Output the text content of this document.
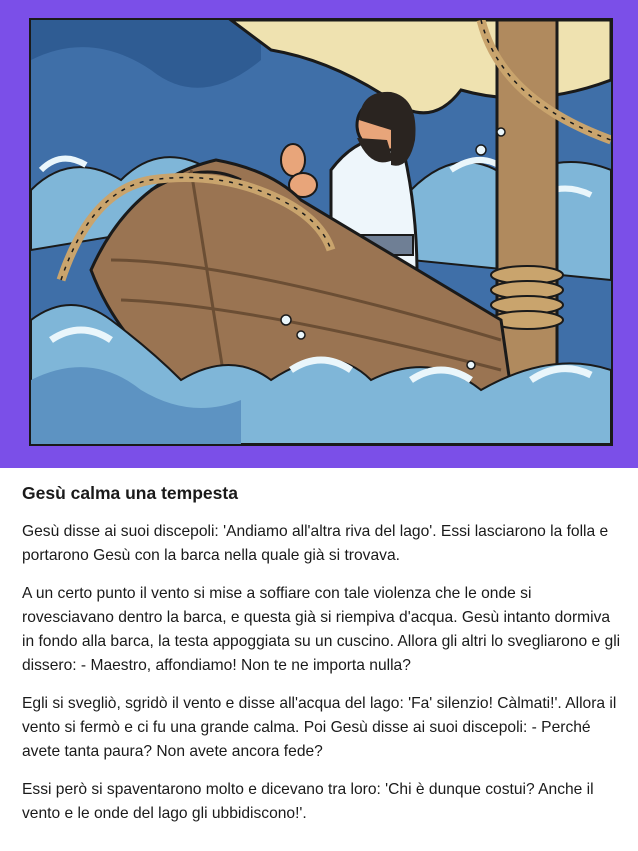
Gesù calma una tempesta

Gesù disse ai suoi discepoli: 'Andiamo all'altra riva del lago'. Essi lasciarono la folla e portarono Gesù con la barca nella quale già si trovava.

A un certo punto il vento si mise a soffiare con tale violenza che le onde si rovesciavano dentro la barca, e questa già si riempiva d'acqua. Gesù intanto dormiva in fondo alla barca, la testa appoggiata su un cuscino. Allora gli altri lo svegliarono e gli dissero: - Maestro, affondiamo! Non te ne importa nulla?

Egli si svegliò, sgridò il vento e disse all'acqua del lago: 'Fa' silenzio! Càlmati!'. Allora il vento si fermò e ci fu una grande calma. Poi Gesù disse ai suoi discepoli: - Perché avete tanta paura? Non avete ancora fede?

Essi però si spaventarono molto e dicevano tra loro: 'Chi è dunque costui? Anche il vento e le onde del lago gli ubbidiscono!'.
